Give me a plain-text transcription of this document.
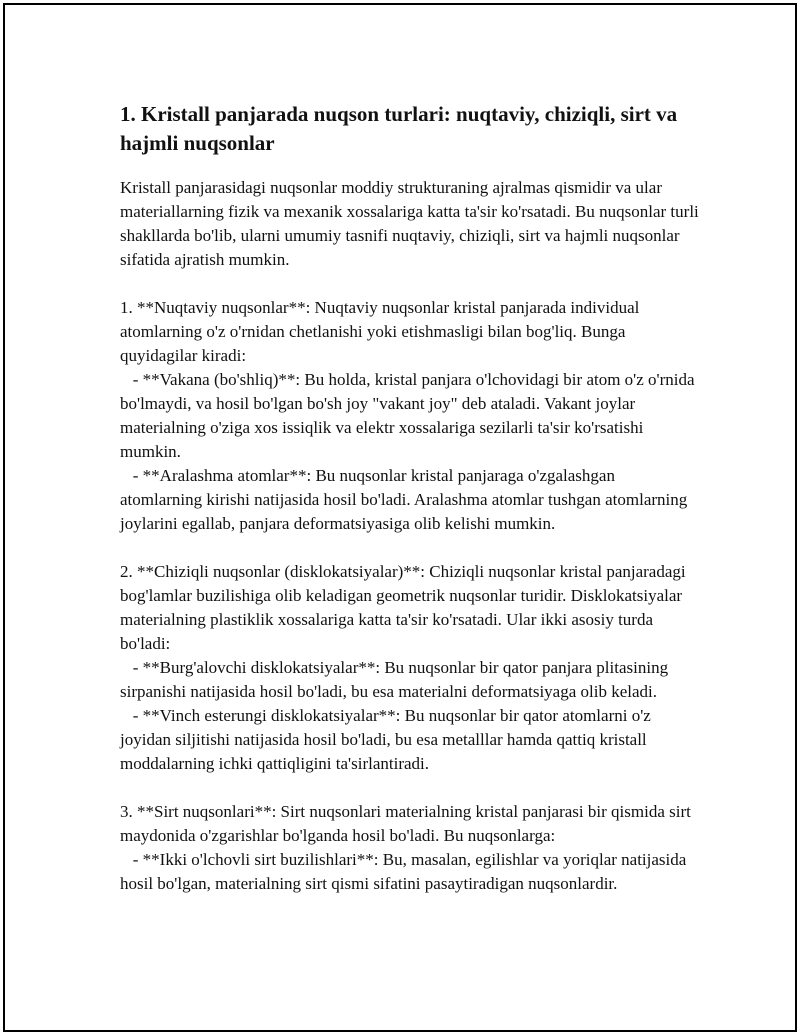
1. Kristall panjarada nuqson turlari: nuqtaviy, chiziqli, sirt va hajmli nuqsonlar

Kristall panjarasidagi nuqsonlar moddiy strukturaning ajralmas qismidir va ular materiallarning fizik va mexanik xossalariga katta ta'sir ko'rsatadi. Bu nuqsonlar turli shakllarda bo'lib, ularni umumiy tasnifi nuqtaviy, chiziqli, sirt va hajmli nuqsonlar sifatida ajratish mumkin.

1. **Nuqtaviy nuqsonlar**: Nuqtaviy nuqsonlar kristal panjarada individual atomlarning o'z o'rnidan chetlanishi yoki etishmasligi bilan bog'liq. Bunga quyidagilar kiradi:
- **Vakana (bo'shliq)**: Bu holda, kristal panjara o'lchovidagi bir atom o'z o'rnida bo'lmaydi, va hosil bo'lgan bo'sh joy "vakant joy" deb ataladi. Vakant joylar materialning o'ziga xos issiqlik va elektr xossalariga sezilarli ta'sir ko'rsatishi mumkin.
- **Aralashma atomlar**: Bu nuqsonlar kristal panjaraga o'zgalashgan atomlarning kirishi natijasida hosil bo'ladi. Aralashma atomlar tushgan atomlarning joylarini egallab, panjara deformatsiyasiga olib kelishi mumkin.

2. **Chiziqli nuqsonlar (disklokatsiyalar)**: Chiziqli nuqsonlar kristal panjaradagi bog'lamlar buzilishiga olib keladigan geometrik nuqsonlar turidir. Disklokatsiyalar materialning plastiklik xossalariga katta ta'sir ko'rsatadi. Ular ikki asosiy turda bo'ladi:
- **Burg'alovchi disklokatsiyalar**: Bu nuqsonlar bir qator panjara plitasining sirpanishi natijasida hosil bo'ladi, bu esa materialni deformatsiyaga olib keladi.
- **Vinch esterungi disklokatsiyalar**: Bu nuqsonlar bir qator atomlarni o'z joyidan siljitishi natijasida hosil bo'ladi, bu esa metalllar hamda qattiq kristall moddalarning ichki qattiqligini ta'sirlantiradi.

3. **Sirt nuqsonlari**: Sirt nuqsonlari materialning kristal panjarasi bir qismida sirt maydonida o'zgarishlar bo'lganda hosil bo'ladi. Bu nuqsonlarga:
- **Ikki o'lchovli sirt buzilishlari**: Bu, masalan, egilishlar va yoriqlar natijasida hosil bo'lgan, materialning sirt qismi sifatini pasaytiradigan nuqsonlardir.
